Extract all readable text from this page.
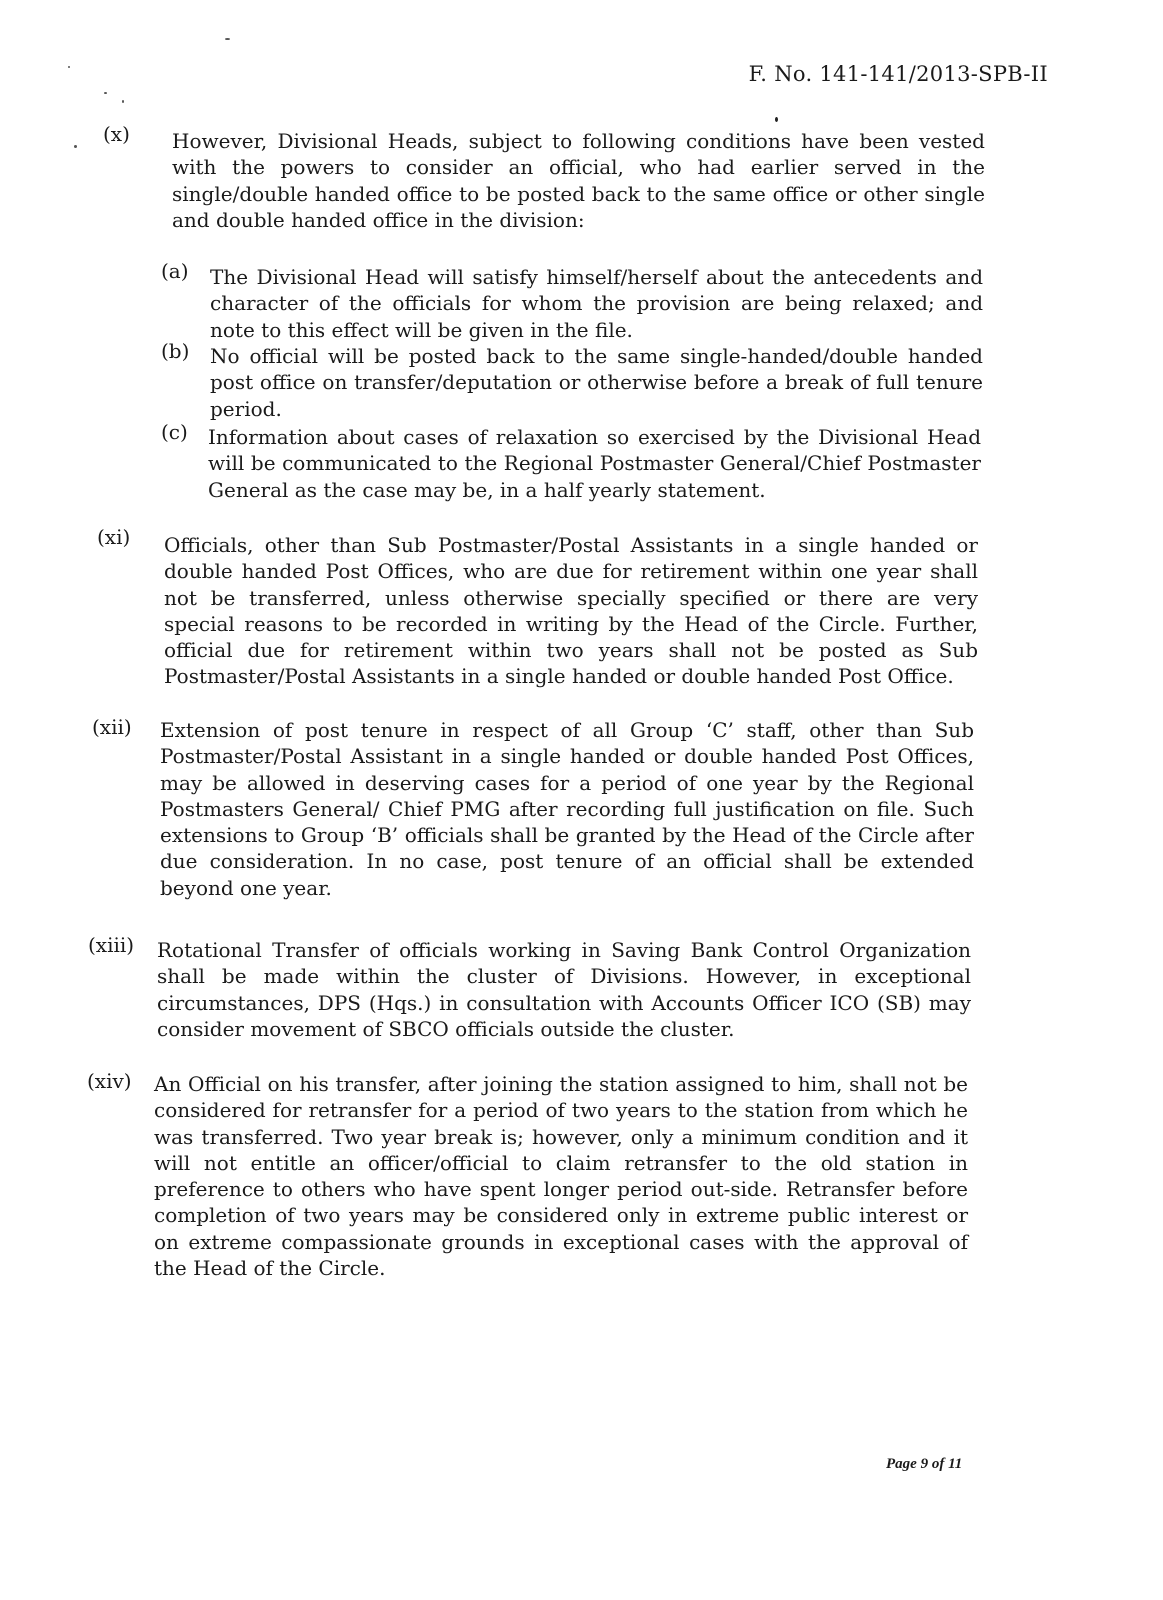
F. No. 141-141/2013-SPB-II
(x) However, Divisional Heads, subject to following conditions have been vested with the powers to consider an official, who had earlier served in the single/double handed office to be posted back to the same office or other single and double handed office in the division:
(a) The Divisional Head will satisfy himself/herself about the antecedents and character of the officials for whom the provision are being relaxed; and note to this effect will be given in the file.
(b) No official will be posted back to the same single-handed/double handed post office on transfer/deputation or otherwise before a break of full tenure period.
(c) Information about cases of relaxation so exercised by the Divisional Head will be communicated to the Regional Postmaster General/Chief Postmaster General as the case may be, in a half yearly statement.
(xi) Officials, other than Sub Postmaster/Postal Assistants in a single handed or double handed Post Offices, who are due for retirement within one year shall not be transferred, unless otherwise specially specified or there are very special reasons to be recorded in writing by the Head of the Circle. Further, official due for retirement within two years shall not be posted as Sub Postmaster/Postal Assistants in a single handed or double handed Post Office.
(xii) Extension of post tenure in respect of all Group ‘C’ staff, other than Sub Postmaster/Postal Assistant in a single handed or double handed Post Offices, may be allowed in deserving cases for a period of one year by the Regional Postmasters General/ Chief PMG after recording full justification on file. Such extensions to Group ‘B’ officials shall be granted by the Head of the Circle after due consideration. In no case, post tenure of an official shall be extended beyond one year.
(xiii) Rotational Transfer of officials working in Saving Bank Control Organization shall be made within the cluster of Divisions. However, in exceptional circumstances, DPS (Hqs.) in consultation with Accounts Officer ICO (SB) may consider movement of SBCO officials outside the cluster.
(xiv) An Official on his transfer, after joining the station assigned to him, shall not be considered for retransfer for a period of two years to the station from which he was transferred. Two year break is; however, only a minimum condition and it will not entitle an officer/official to claim retransfer to the old station in preference to others who have spent longer period out-side. Retransfer before completion of two years may be considered only in extreme public interest or on extreme compassionate grounds in exceptional cases with the approval of the Head of the Circle.
Page 9 of 11
